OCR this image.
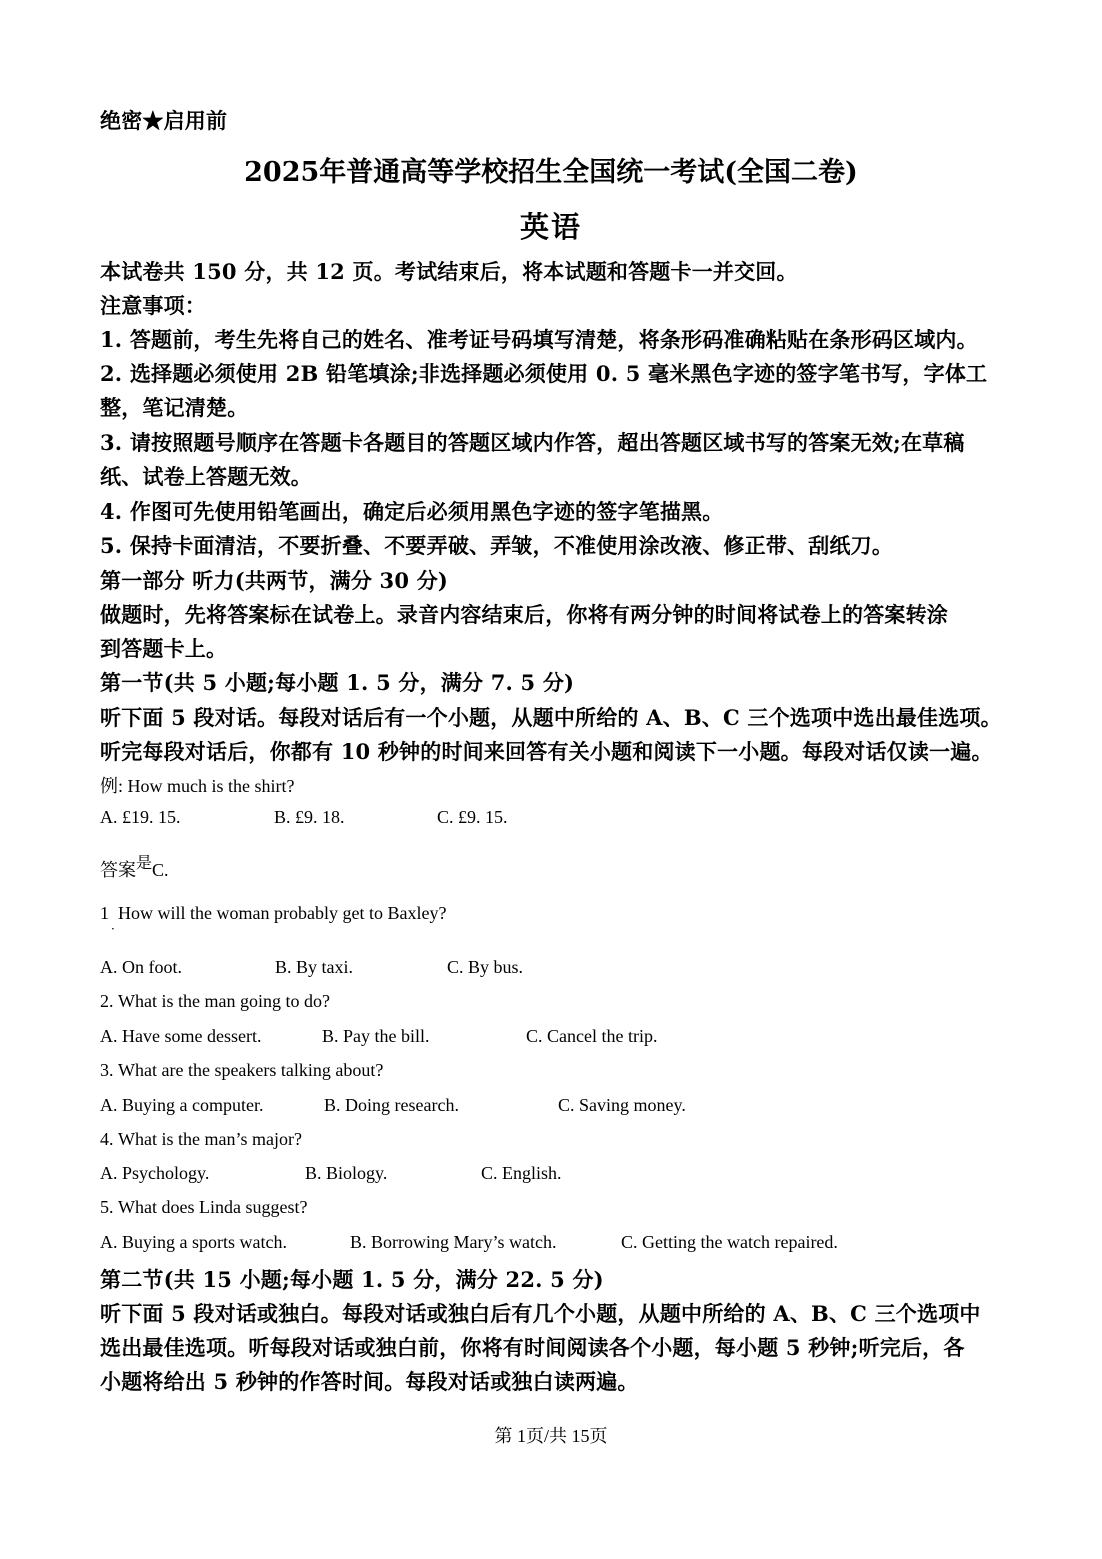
绝密★启用前
2025年普通高等学校招生全国统一考试(全国二卷)
英语
本试卷共 150 分，共 12 页。考试结束后，将本试题和答题卡一并交回。
注意事项：
1. 答题前，考生先将自己的姓名、准考证号码填写清楚，将条形码准确粘贴在条形码区域内。
2. 选择题必须使用 2B 铅笔填涂;非选择题必须使用 0. 5 毫米黑色字迹的签字笔书写，字体工
整，笔记清楚。
3. 请按照题号顺序在答题卡各题目的答题区域内作答，超出答题区域书写的答案无效;在草稿
纸、试卷上答题无效。
4. 作图可先使用铅笔画出，确定后必须用黑色字迹的签字笔描黑。
5. 保持卡面清洁，不要折叠、不要弄破、弄皱，不准使用涂改液、修正带、刮纸刀。
第一部分 听力(共两节，满分 30 分)
做题时，先将答案标在试卷上。录音内容结束后，你将有两分钟的时间将试卷上的答案转涂
到答题卡上。
第一节(共 5 小题;每小题 1. 5 分，满分 7. 5 分)
听下面 5 段对话。每段对话后有一个小题，从题中所给的 A、B、C 三个选项中选出最佳选项。
听完每段对话后，你都有 10 秒钟的时间来回答有关小题和阅读下一小题。每段对话仅读一遍。
例: How much is the shirt?
A. £19. 15.	B. £9. 18.	C. £9. 15.
答案是C.
1 How will the woman probably get to Baxley?
·
A. On foot.	B. By taxi.	C. By bus.
2. What is the man going to do?
A. Have some dessert.	B. Pay the bill.	C. Cancel the trip.
3. What are the speakers talking about?
A. Buying a computer.	B. Doing research.	C. Saving money.
4. What is the man’s major?
A. Psychology.	B. Biology.	C. English.
5. What does Linda suggest?
A. Buying a sports watch.	B. Borrowing Mary’s watch.	C. Getting the watch repaired.
第二节(共 15 小题;每小题 1. 5 分，满分 22. 5 分)
听下面 5 段对话或独白。每段对话或独白后有几个小题，从题中所给的 A、B、C 三个选项中
选出最佳选项。听每段对话或独白前，你将有时间阅读各个小题，每小题 5 秒钟;听完后，各
小题将给出 5 秒钟的作答时间。每段对话或独白读两遍。
第 1页/共 15页
